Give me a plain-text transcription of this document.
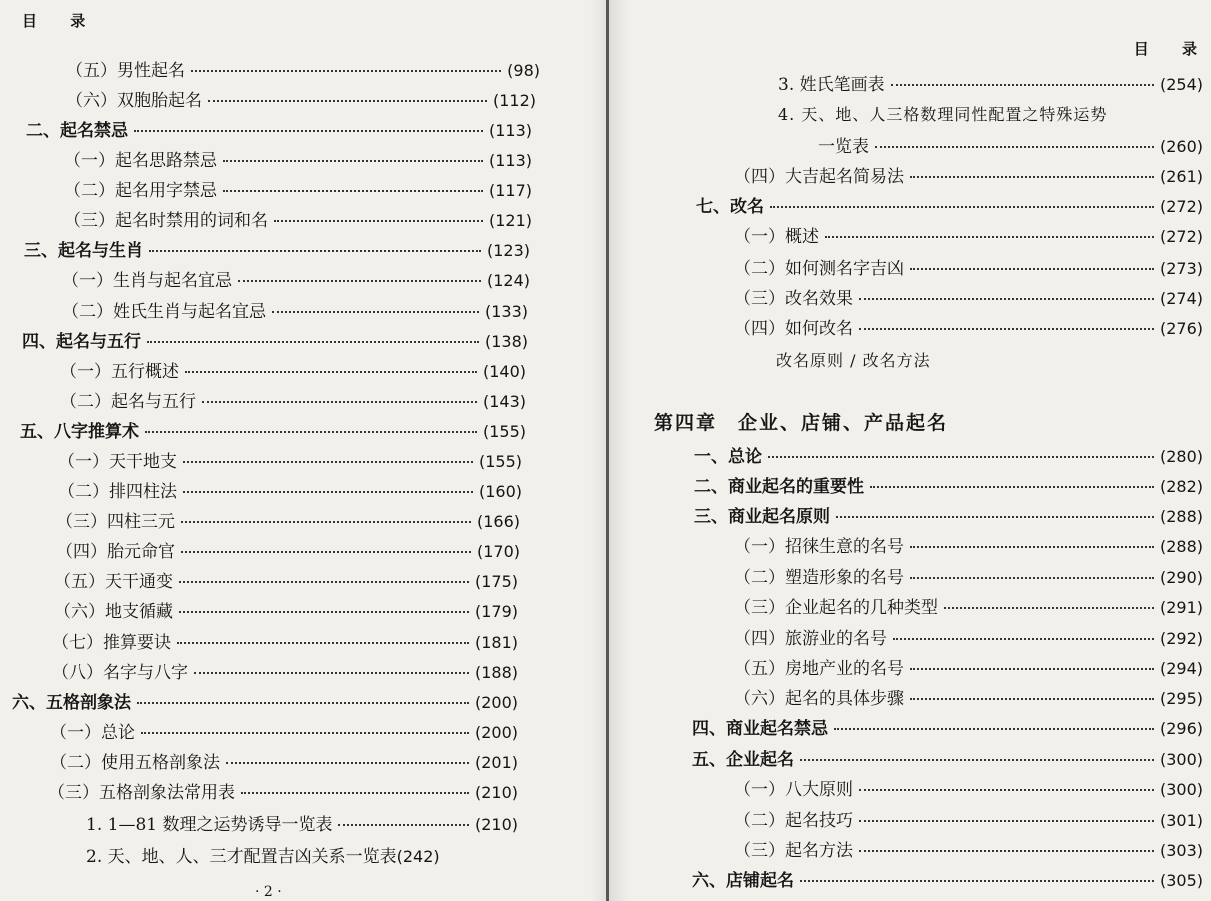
目 录
（五）男性起名	(98)
（六）双胞胎起名	(112)
二、起名禁忌	(113)
（一）起名思路禁忌	(113)
（二）起名用字禁忌	(117)
（三）起名时禁用的词和名	(121)
三、起名与生肖	(123)
（一）生肖与起名宜忌	(124)
（二）姓氏生肖与起名宜忌	(133)
四、起名与五行	(138)
（一）五行概述	(140)
（二）起名与五行	(143)
五、八字推算术	(155)
（一）天干地支	(155)
（二）排四柱法	(160)
（三）四柱三元	(166)
（四）胎元命官	(170)
（五）天干通变	(175)
（六）地支循藏	(179)
（七）推算要诀	(181)
（八）名字与八字	(188)
六、五格剖象法	(200)
（一）总论	(200)
（二）使用五格剖象法	(201)
（三）五格剖象法常用表	(210)
1. 1—81 数理之运势诱导一览表	(210)
2. 天、地、人、三才配置吉凶关系一览表 (242)
· 2 ·
目 录
3. 姓氏笔画表	(254)
4. 天、地、人三格数理同性配置之特殊运势
一览表	(260)
（四）大吉起名简易法	(261)
七、改名	(272)
（一）概述	(272)
（二）如何测名字吉凶	(273)
（三）改名效果	(274)
（四）如何改名	(276)
改名原则 / 改名方法
第四章　企业、店铺、产品起名
一、总论	(280)
二、商业起名的重要性	(282)
三、商业起名原则	(288)
（一）招徕生意的名号	(288)
（二）塑造形象的名号	(290)
（三）企业起名的几种类型	(291)
（四）旅游业的名号	(292)
（五）房地产业的名号	(294)
（六）起名的具体步骤	(295)
四、商业起名禁忌	(296)
五、企业起名	(300)
（一）八大原则	(300)
（二）起名技巧	(301)
（三）起名方法	(303)
六、店铺起名	(305)
